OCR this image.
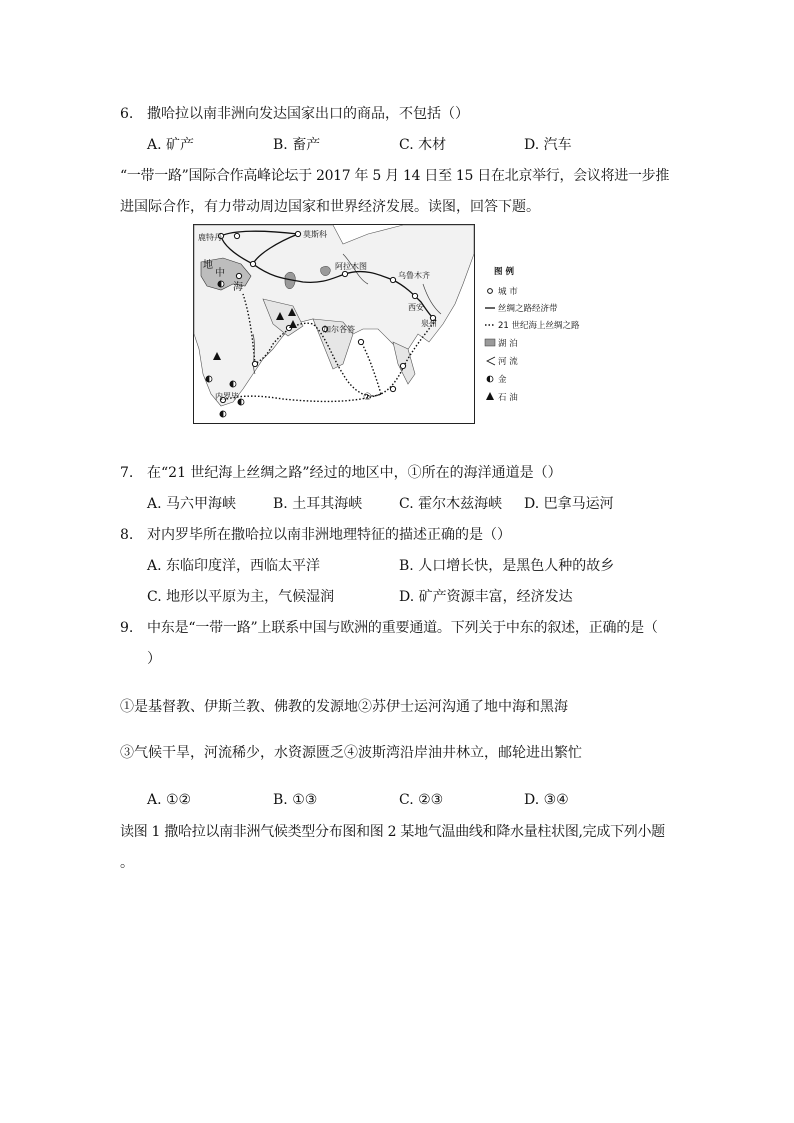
6. 撒哈拉以南非洲向发达国家出口的商品，不包括（）
A. 矿产	B. 畜产	C. 木材	D. 汽车
“一带一路”国际合作高峰论坛于 2017 年 5 月 14 日至 15 日在北京举行，会议将进一步推
进国际合作，有力带动周边国家和世界经济发展。读图，回答下题。
鹿特丹	莫斯科
阿拉木图
乌鲁木齐
西安
泉州
加尔各答
内罗毕
地
中
海
①
图 例
城 市
丝绸之路经济带
21 世纪海上丝绸之路
湖 泊
河 流
金
石 油
7. 在“21 世纪海上丝绸之路”经过的地区中，①所在的海洋通道是（）
A. 马六甲海峡	B. 土耳其海峡	C. 霍尔木兹海峡 D. 巴拿马运河
8. 对内罗毕所在撒哈拉以南非洲地理特征的描述正确的是（）
A. 东临印度洋，西临太平洋	B. 人口增长快，是黑色人种的故乡
C. 地形以平原为主，气候湿润	D. 矿产资源丰富，经济发达
9. 中东是“一带一路”上联系中国与欧洲的重要通道。下列关于中东的叙述，正确的是（
）
①是基督教、伊斯兰教、佛教的发源地②苏伊士运河沟通了地中海和黑海
③气候干旱，河流稀少，水资源匮乏④波斯湾沿岸油井林立，邮轮进出繁忙
A. ①②	B. ①③	C. ②③	D. ③④
读图 1 撒哈拉以南非洲气候类型分布图和图 2 某地气温曲线和降水量柱状图,完成下列小题
。
